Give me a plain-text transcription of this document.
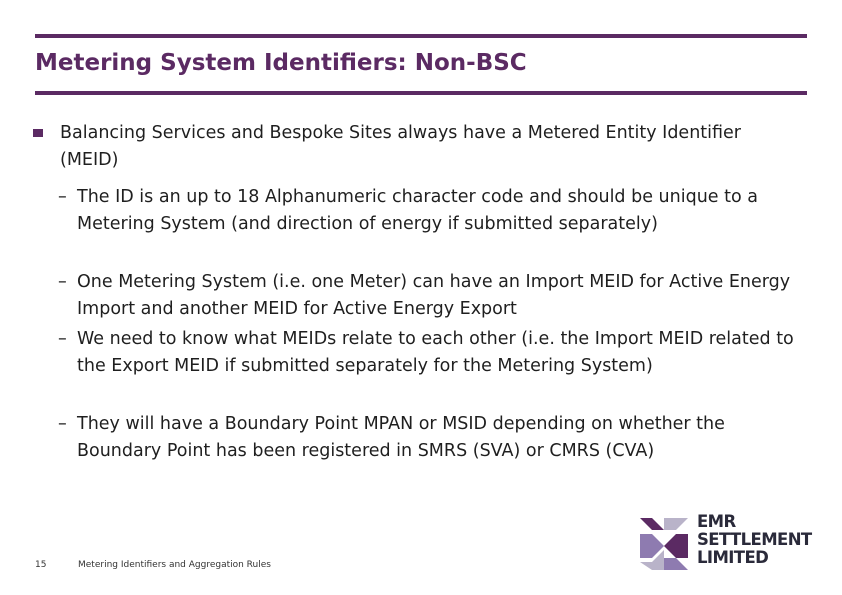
Metering System Identifiers: Non-BSC
Balancing Services and Bespoke Sites always have a Metered Entity Identifier (MEID)
– The ID is an up to 18 Alphanumeric character code and should be unique to a Metering System (and direction of energy if submitted separately)
– One Metering System (i.e. one Meter) can have an Import MEID for Active Energy Import and another MEID for Active Energy Export
– We need to know what MEIDs relate to each other (i.e. the Import MEID related to the Export MEID if submitted separately for the Metering System)
– They will have a Boundary Point MPAN or MSID depending on whether the Boundary Point has been registered in SMRS (SVA) or CMRS (CVA)
15	Metering Identifiers and Aggregation Rules
EMR
SETTLEMENT
LIMITED
